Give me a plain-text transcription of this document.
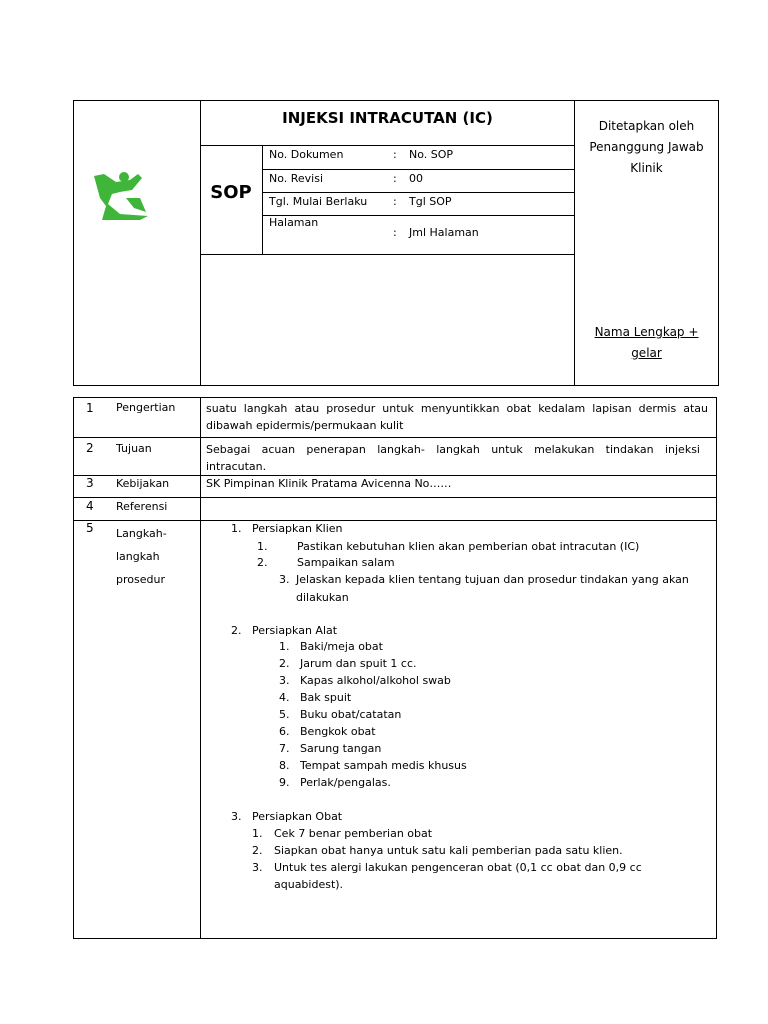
INJEKSI INTRACUTAN (IC)
SOP
No. Dokumen	: No. SOP
No. Revisi	: 00
Tgl. Mulai Berlaku : Tgl SOP
Halaman
: Jml Halaman
Ditetapkan oleh
Penanggung Jawab
Klinik
Nama Lengkap +
gelar
1 Pengertian	suatu langkah atau prosedur untuk menyuntikkan obat kedalam lapisan dermis atau dibawah epidermis/permukaan kulit
2 Tujuan	Sebagai acuan penerapan langkah- langkah untuk melakukan tindakan injeksi intracutan.
3 Kebijakan	SK Pimpinan Klinik Pratama Avicenna No……
4 Referensi
5 Langkah-
langkah
prosedur
1. Persiapkan Klien
1.	Pastikan kebutuhan klien akan pemberian obat intracutan (IC)
2.	Sampaikan salam
3. Jelaskan kepada klien tentang tujuan dan prosedur tindakan yang akan
dilakukan
2. Persiapkan Alat
1. Baki/meja obat
2. Jarum dan spuit 1 cc.
3. Kapas alkohol/alkohol swab
4. Bak spuit
5. Buku obat/catatan
6. Bengkok obat
7. Sarung tangan
8. Tempat sampah medis khusus
9. Perlak/pengalas.
3. Persiapkan Obat
1. Cek 7 benar pemberian obat
2. Siapkan obat hanya untuk satu kali pemberian pada satu klien.
3. Untuk tes alergi lakukan pengenceran obat (0,1 cc obat dan 0,9 cc
aquabidest).
